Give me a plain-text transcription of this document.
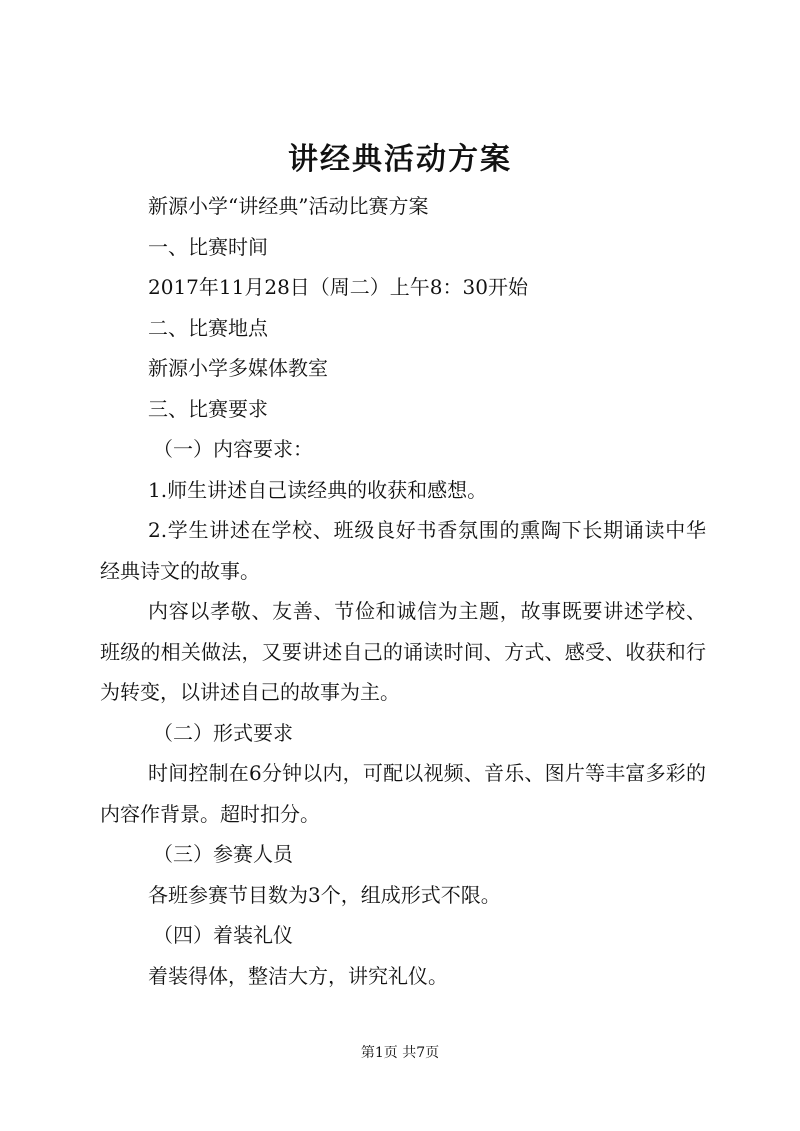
讲经典活动方案

新源小学“讲经典”活动比赛方案

一、比赛时间

2017年11月28日（周二）上午8：30开始

二、比赛地点

新源小学多媒体教室

三、比赛要求

（一）内容要求：

1.师生讲述自己读经典的收获和感想。

2.学生讲述在学校、班级良好书香氛围的熏陶下长期诵读中华经典诗文的故事。

内容以孝敬、友善、节俭和诚信为主题，故事既要讲述学校、班级的相关做法，又要讲述自己的诵读时间、方式、感受、收获和行为转变，以讲述自己的故事为主。

（二）形式要求

时间控制在6分钟以内，可配以视频、音乐、图片等丰富多彩的内容作背景。超时扣分。

（三）参赛人员

各班参赛节目数为3个，组成形式不限。

（四）着装礼仪

着装得体，整洁大方，讲究礼仪。

第1页 共7页
